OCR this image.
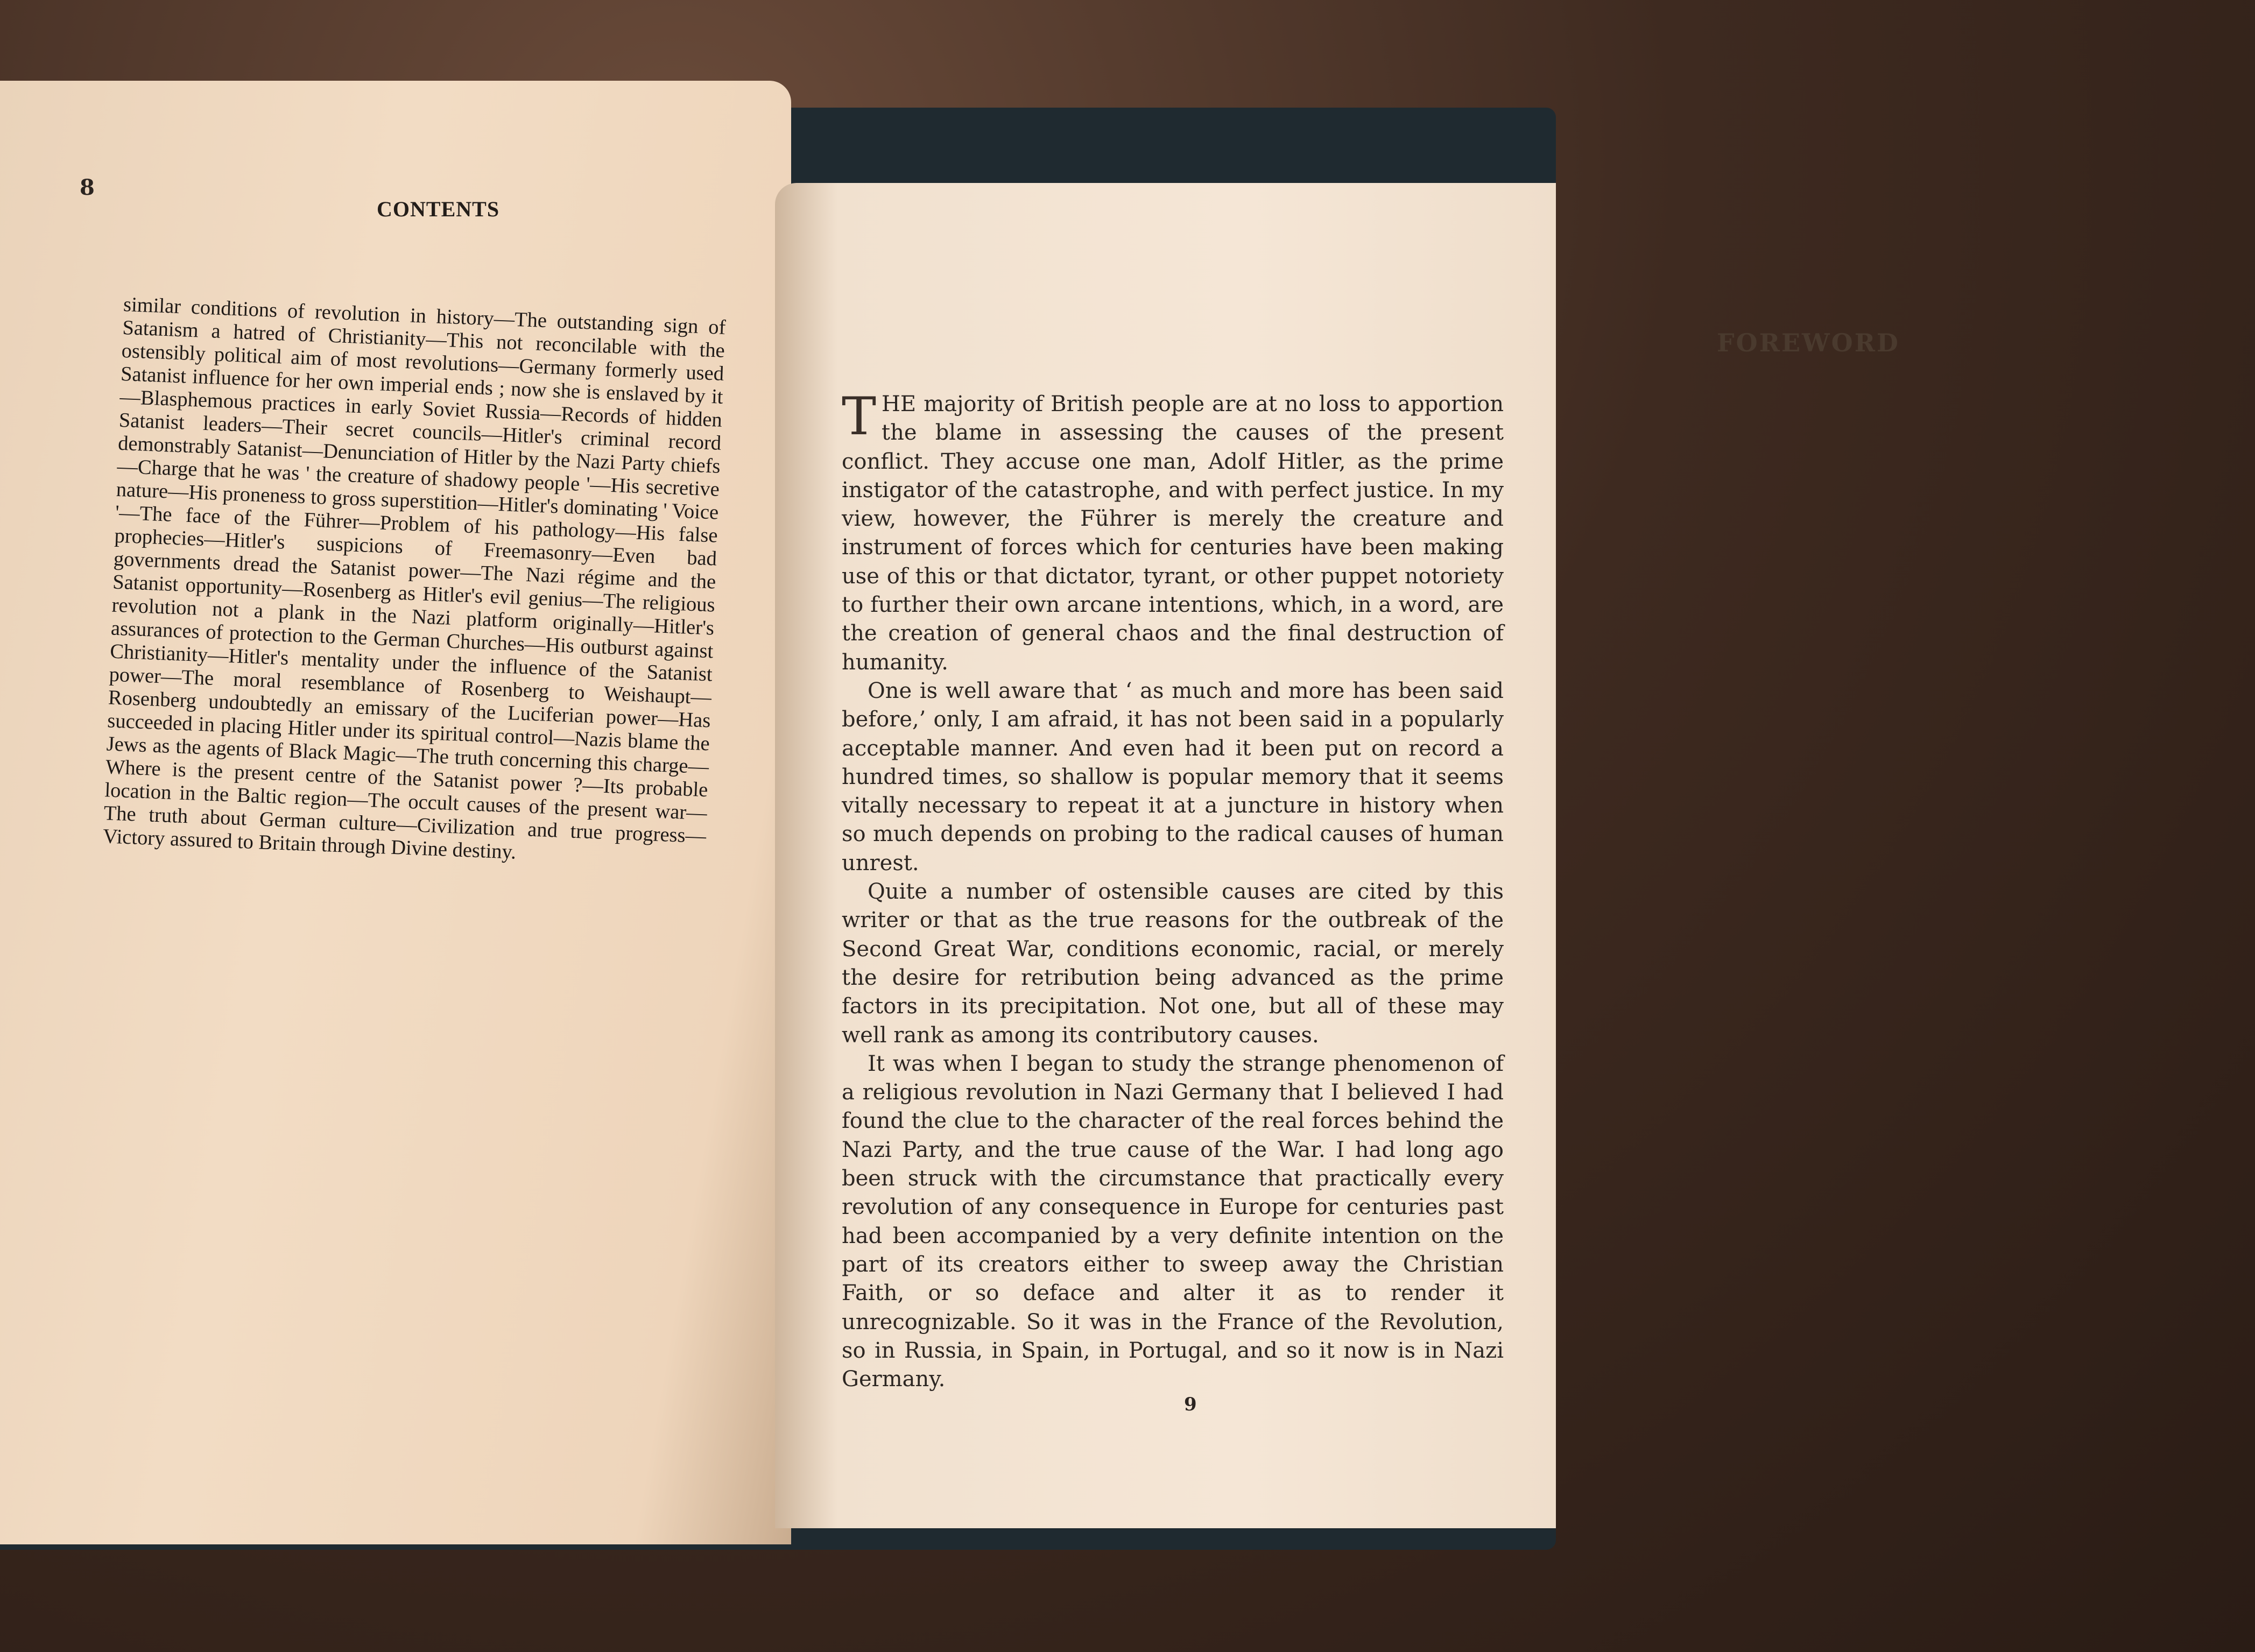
8
CONTENTS

similar conditions of revolution in history—The outstanding sign of Satanism a hatred of Christianity—This not reconcilable with the ostensibly political aim of most revolutions—Germany formerly used Satanist influence for her own imperial ends ; now she is enslaved by it—Blasphemous practices in early Soviet Russia—Records of hidden Satanist leaders—Their secret councils—Hitler's criminal record demonstrably Satanist—Denunciation of Hitler by the Nazi Party chiefs—Charge that he was ' the creature of shadowy people '—His secretive nature—His proneness to gross superstition—Hitler's dominating ' Voice '—The face of the Führer—Problem of his pathology—His false prophecies—Hitler's suspicions of Freemasonry—Even bad governments dread the Satanist power—The Nazi régime and the Satanist opportunity—Rosenberg as Hitler's evil genius—The religious revolution not a plank in the Nazi platform originally—Hitler's assurances of protection to the German Churches—His outburst against Christianity—Hitler's mentality under the influence of the Satanist power—The moral resemblance of Rosenberg to Weishaupt—Rosenberg undoubtedly an emissary of the Luciferian power—Has succeeded in placing Hitler under its spiritual control—Nazis blame the Jews as the agents of Black Magic—The truth concerning this charge—Where is the present centre of the Satanist power ?—Its probable location in the Baltic region—The occult causes of the present war—The truth about German culture—Civilization and true progress—Victory assured to Britain through Divine destiny.

FOREWORD

THE majority of British people are at no loss to apportion the blame in assessing the causes of the present conflict. They accuse one man, Adolf Hitler, as the prime instigator of the catastrophe, and with perfect justice. In my view, however, the Führer is merely the creature and instrument of forces which for centuries have been making use of this or that dictator, tyrant, or other puppet notoriety to further their own arcane intentions, which, in a word, are the creation of general chaos and the final destruction of humanity.

One is well aware that ‘ as much and more has been said before,’ only, I am afraid, it has not been said in a popularly acceptable manner. And even had it been put on record a hundred times, so shallow is popular memory that it seems vitally necessary to repeat it at a juncture in history when so much depends on probing to the radical causes of human unrest.

Quite a number of ostensible causes are cited by this writer or that as the true reasons for the outbreak of the Second Great War, conditions economic, racial, or merely the desire for retribution being advanced as the prime factors in its precipitation. Not one, but all of these may well rank as among its contributory causes.

It was when I began to study the strange phenomenon of a religious revolution in Nazi Germany that I believed I had found the clue to the character of the real forces behind the Nazi Party, and the true cause of the War. I had long ago been struck with the circumstance that practically every revolution of any consequence in Europe for centuries past had been accompanied by a very definite intention on the part of its creators either to sweep away the Christian Faith, or so deface and alter it as to render it unrecognizable. So it was in the France of the Revolution, so in Russia, in Spain, in Portugal, and so it now is in Nazi Germany.

9
